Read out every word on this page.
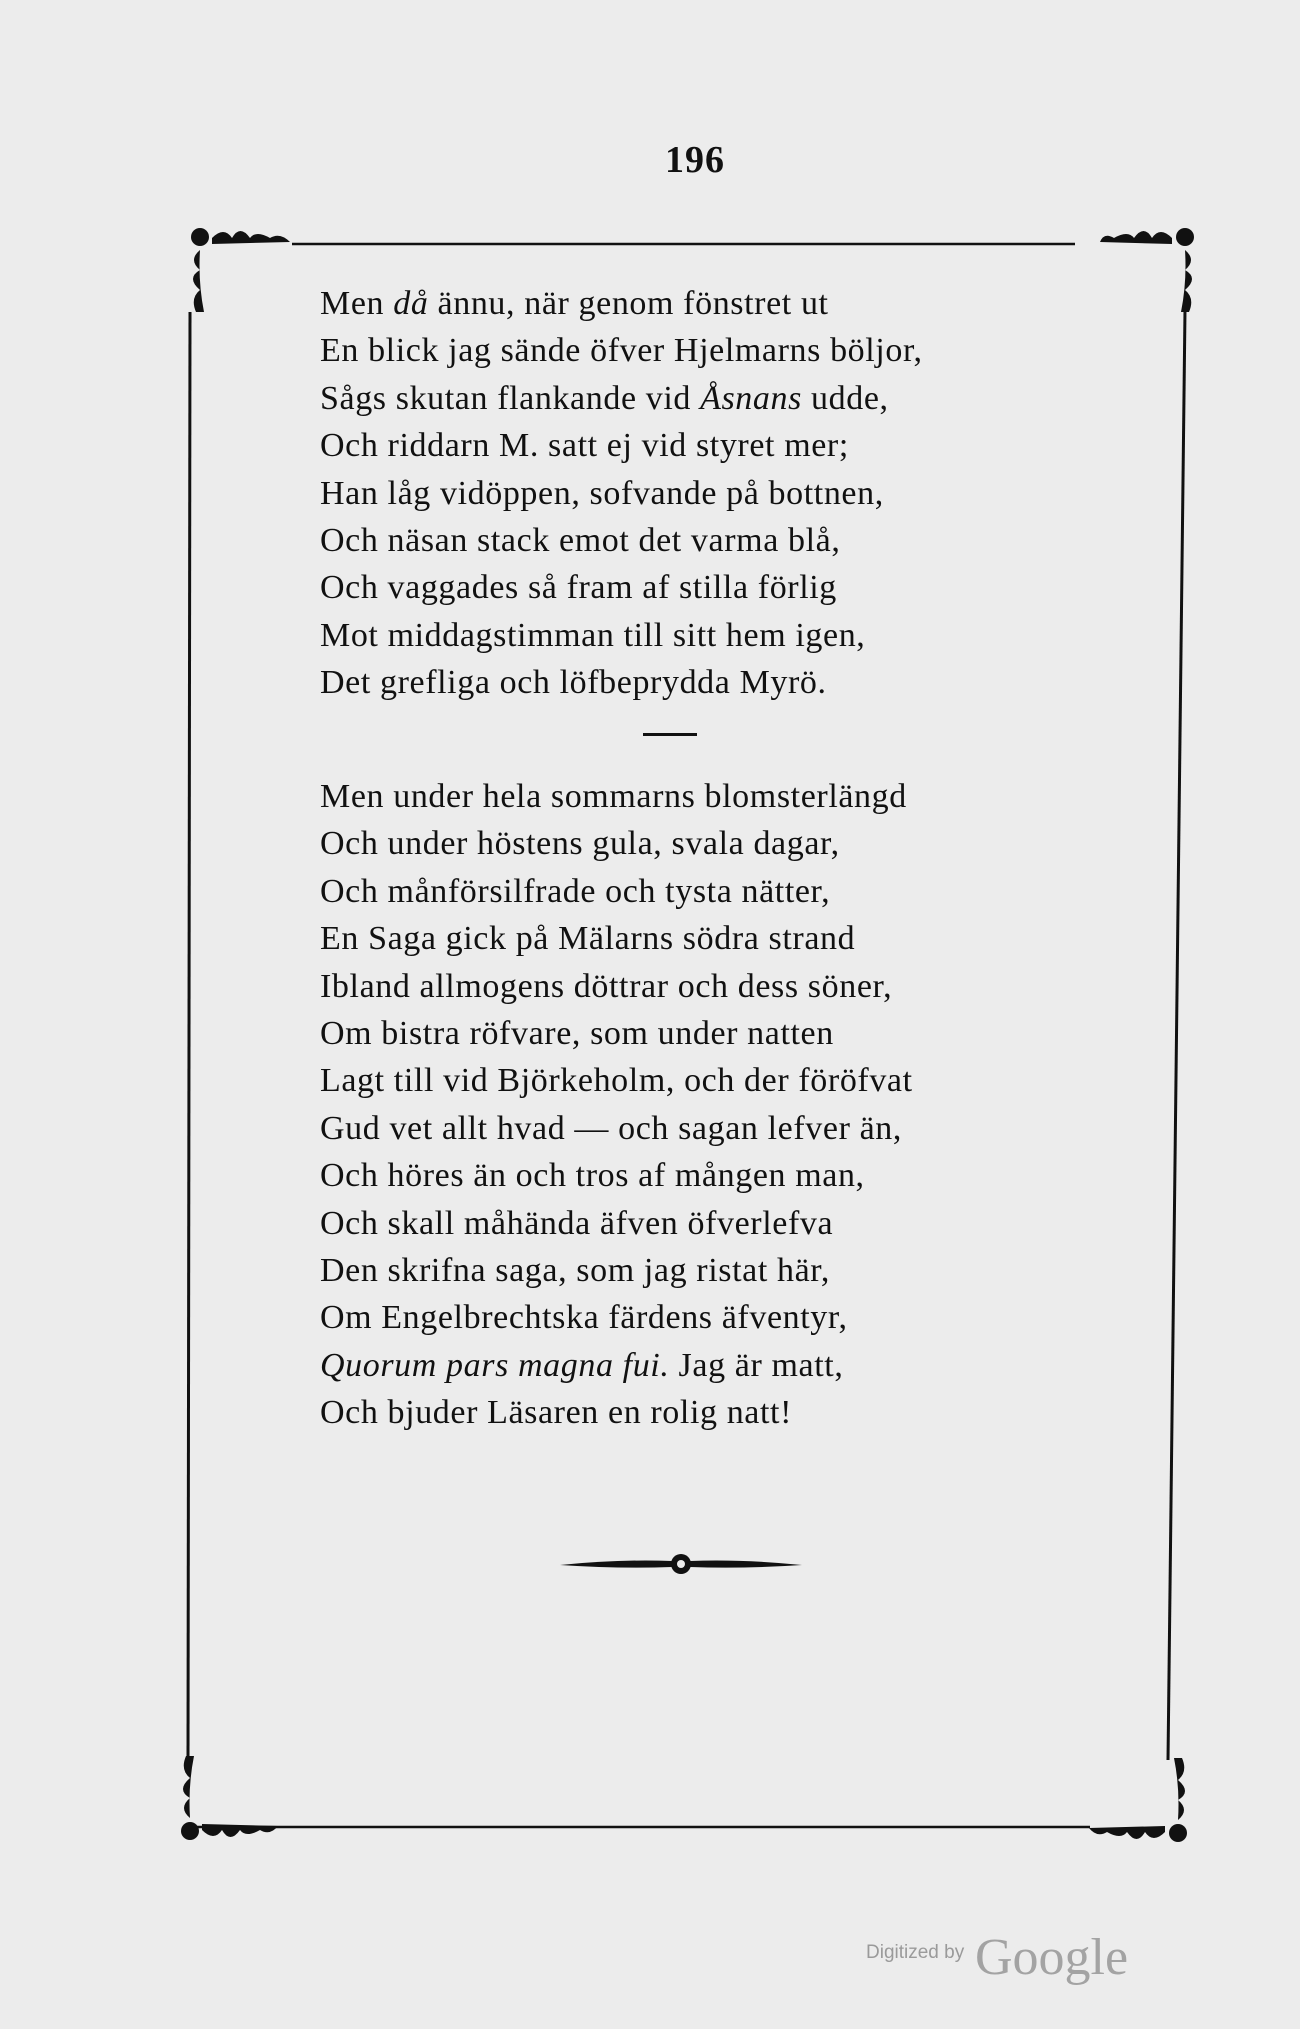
196
Men då ännu, när genom fönstret ut
En blick jag sände öfver Hjelmarns böljor,
Sågs skutan flankande vid Åsnans udde,
Och riddarn M. satt ej vid styret mer;
Han låg vidöppen, sofvande på bottnen,
Och näsan stack emot det varma blå,
Och vaggades så fram af stilla förlig
Mot middagstimman till sitt hem igen,
Det grefliga och löfbeprydda Myrö.
Men under hela sommarns blomsterlängd
Och under höstens gula, svala dagar,
Och månförsilfrade och tysta nätter,
En Saga gick på Mälarns södra strand
Ibland allmogens döttrar och dess söner,
Om bistra röfvare, som under natten
Lagt till vid Björkeholm, och der föröfvat
Gud vet allt hvad — och sagan lefver än,
Och höres än och tros af mången man,
Och skall måhända äfven öfverlefva
Den skrifna saga, som jag ristat här,
Om Engelbrechtska färdens äfventyr,
Quorum pars magna fui. Jag är matt,
Och bjuder Läsaren en rolig natt!
Digitized by Google
